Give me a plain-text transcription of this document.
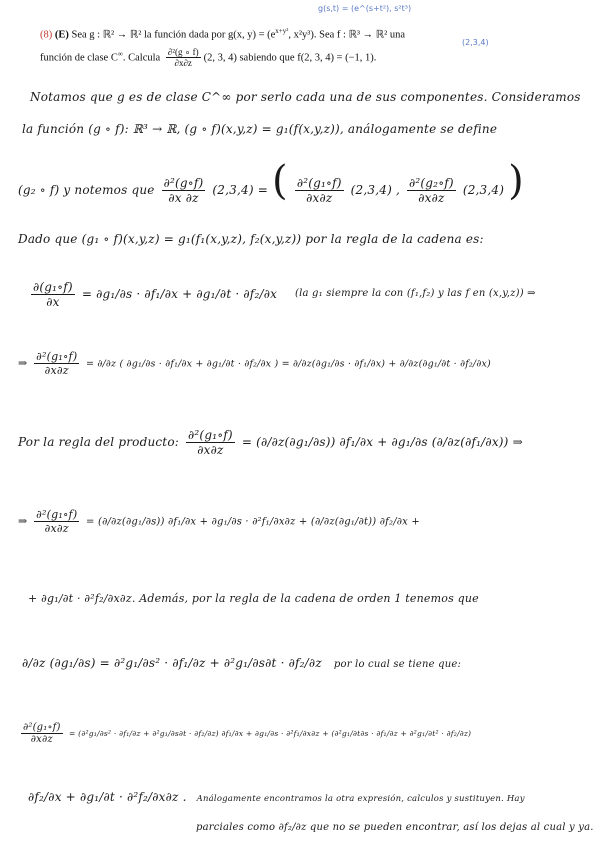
(8) (E) Sea g : ℝ² → ℝ² la función dada por g(x, $y) = (e^{x+y^2}$, x²y³). Sea f : ℝ³ → ℝ² una
función de clase C∞. Calcula $\frac{\text{∂²(g ∘ f)}}{\partial x\partial z} (2$, 3, 4) sabiendo que f(2, 3, 4) = (−1, 1).
g(s,t) = (e^(s+t²), s²t³)
(2,3,4)
Notamos que g es de clase C^∞ por serlo cada una de sus componentes. Consideramos
la función (g ∘ f): ℝ³ → ℝ, (g ∘ f)(x,y,z) = g₁(f(x,y,z)), análogamente se define
(g₂ ∘ f) y notemos que $\frac{\text{∂²(g∘f)}}{\partial x \partial z} (2,3,4)$ = ( $\frac{\text{∂²(g₁∘f)}}{\partial x\partial z} (2,3,4)$ , $\frac{\text{∂²(g₂∘f)}}{\partial x\partial z} (2,3,4)$ )
Dado que (g₁ ∘ f)(x,y,z) = g₁(f₁(x,y,z), f₂(x,y,z)) por la regla de la cadena es:
$\frac{\text{∂(g₁∘f)}}{\partial x} = \partial g_1/\partial s \cdot \partial f_1/\partial x + \partial g_1/\partial t \cdot \partial f_2/\partial x$ (la g₁ siempre la con (f₁,f₂) y las f en (x,y,z)) ⇒
⇒ $\frac{\text{∂²(g₁∘f)}}{\partial x\partial z} = \partial/\partial z$ ( ∂g₁/∂s · ∂f₁/∂x + ∂g₁/∂t · ∂f₂/∂x ) = ∂/∂z(∂g₁/∂s · ∂f₁/∂x) + ∂/∂z(∂g₁/∂t · ∂f₂/∂x)
Por la regla del producto: $\frac{\text{∂²(g₁∘f)}}{\partial x\partial z} = (\partial/\partial z(\partial g_1/\partial s)) \partial f_1/\partial x + \partial g_1/\partial s$ (∂/∂z(∂f₁/∂x)) ⇒
⇒ $\frac{\text{∂²(g₁∘f)}}{\partial x\partial z} = (\partial/\partial z(\partial g_1/\partial s)) \partial f_1/\partial x + \partial g_1/\partial s \cdot \partial^2f_1/\partial x\partial z + (\partial/\partial z(\partial g_1/\partial t)) \partial f_2/\partial x$ +
+ ∂g₁/∂t · ∂²f₂/∂x∂z. Además, por la regla de la cadena de orden 1 tenemos que
∂/∂z (∂g₁/∂s) = ∂²g₁/∂s² · ∂f₁/∂z + ∂²g₁/∂s∂t · ∂f₂/∂z por lo cual se tiene que:
$\frac{\text{∂²(g₁∘f)}}{\partial x\partial z} = (\partial^2g_1/\partial s^2 \cdot \partial f_1/\partial z + \partial^2g_1/\partial s\partial t \cdot \partial f_2/\partial z) \partial f_1/\partial x + \partial g_1/\partial s \cdot \partial^2f_1/\partial x\partial z + (\partial^2g_1/\partial t\partial s \cdot \partial f_1/\partial z + \partial^2g_1/\partial t^2 \cdot \partial f_2/\partial z)$
∂f₂/∂x + ∂g₁/∂t · ∂²f₂/∂x∂z . Análogamente encontramos la otra expresión, calculos y sustituyen. Hay
parciales como ∂f₂/∂z que no se pueden encontrar, así los dejas al cual y ya.
